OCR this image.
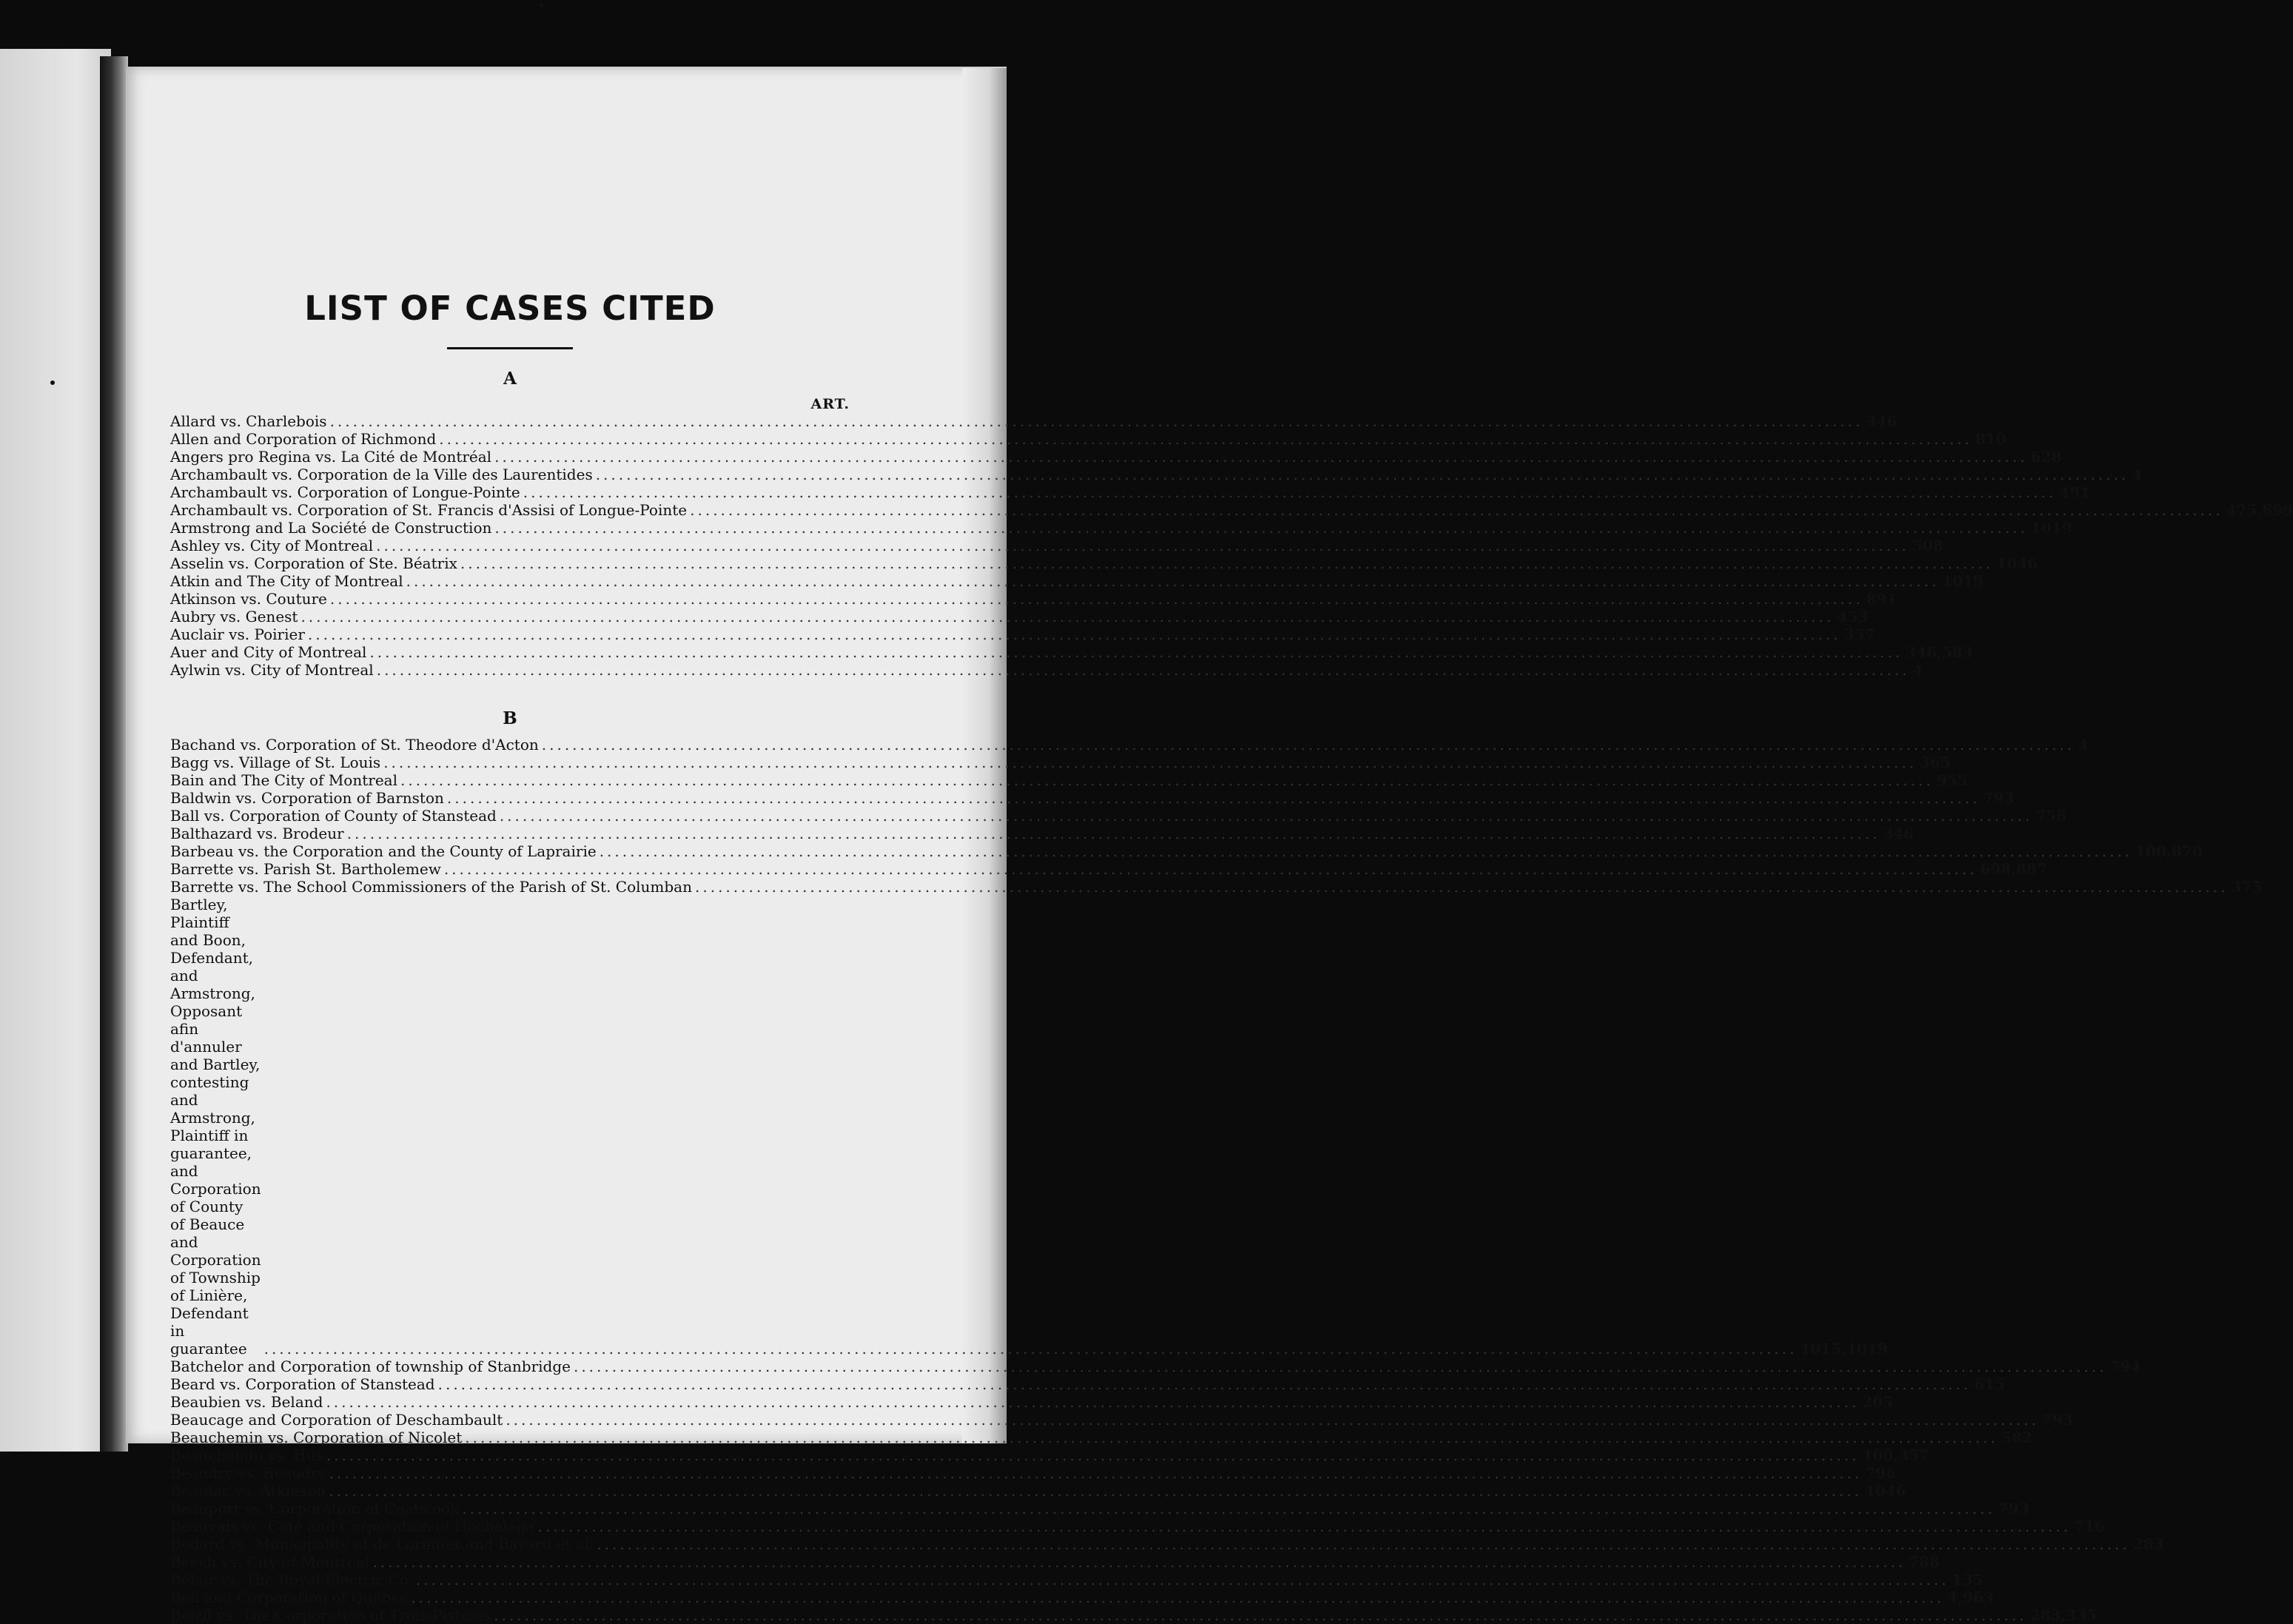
LIST OF CASES CITED
A
ART.
Allard vs. Charlebois ........................................................................................................................................................................................................ 346
Allen and Corporation of Richmond ........................................................................................................................................................................................................ 810
Angers pro Regina vs. La Cité de Montréal ........................................................................................................................................................................................................ 628
Archambault vs. Corporation de la Ville des Laurentides ........................................................................................................................................................................................................ 4
Archambault vs. Corporation of Longue-Pointe ........................................................................................................................................................................................................ 491
Archambault vs. Corporation of St. Francis d'Assisi of Longue-Pointe ........................................................................................................................................................................................................ 475, 699
Armstrong and La Société de Construction ........................................................................................................................................................................................................ 1019
Ashley vs. City of Montreal ........................................................................................................................................................................................................ 508
Asselin vs. Corporation of Ste. Béatrix ........................................................................................................................................................................................................ 1046
Atkin and The City of Montreal ........................................................................................................................................................................................................ 1019
Atkinson vs. Couture ........................................................................................................................................................................................................ 891
Aubry vs. Genest ........................................................................................................................................................................................................ 453
Auclair vs. Poirier ........................................................................................................................................................................................................ 357
Auer and City of Montreal ........................................................................................................................................................................................................ 346, 583
Aylwin vs. City of Montreal ........................................................................................................................................................................................................ 4
B
Bachand vs. Corporation of St. Theodore d'Acton ........................................................................................................................................................................................................ 4
Bagg vs. Village of St. Louis ........................................................................................................................................................................................................ 365
Bain and The City of Montreal ........................................................................................................................................................................................................ 955
Baldwin vs. Corporation of Barnston ........................................................................................................................................................................................................ 793
Ball vs. Corporation of County of Stanstead ........................................................................................................................................................................................................ 758
Balthazard vs. Brodeur ........................................................................................................................................................................................................ 346
Barbeau vs. the Corporation and the County of Laprairie ........................................................................................................................................................................................................ 100, 870
Barrette vs. Parish St. Bartholemew ........................................................................................................................................................................................................ 698, 887
Barrette vs. The School Commissioners of the Parish of St. Columban ........................................................................................................................................................................................................ 375
Bartley, Plaintiff and Boon, Defendant, and Armstrong, Opposant afin d'annuler and Bartley, contesting and Armstrong, Plaintiff in guarantee, and Corporation of County of Beauce and Corporation of Township of Linière, Defendant in guarantee	........................................................................................................................................................................................................ 1015, 1019
Batchelor and Corporation of township of Stanbridge ........................................................................................................................................................................................................ 794
Beard vs. Corporation of Stanstead ........................................................................................................................................................................................................ 615
Beaubien vs. Beland ........................................................................................................................................................................................................ 205
Beaucage and Corporation of Deschambault ........................................................................................................................................................................................................ 793
Beauchemin vs. Corporation of Nicolet ........................................................................................................................................................................................................ 582
Beauchemin vs. Hus ........................................................................................................................................................................................................ 100, 357
Beaudry vs. Beaudry ........................................................................................................................................................................................................ 796
Beaulac vs. Atkinson ........................................................................................................................................................................................................ 1046
Beauport vs. Corporation of Coaticook ........................................................................................................................................................................................................ 793
Beauvais vs. Coté and Corporation of Hochelaga ........................................................................................................................................................................................................ 716
Bédard vs. Municipality of de Lorimier and Bayard et al. ........................................................................................................................................................................................................ 283
Beech vs. City of Montreal ........................................................................................................................................................................................................ 788
Bélair vs. The Royal Electric Co. ........................................................................................................................................................................................................ 135
Bell and Corporation of Quebec ........................................................................................................................................................................................................ 4, 963
Belzil vs. The Corporation of Trois-Pistoles ........................................................................................................................................................................................................ 283, 335
